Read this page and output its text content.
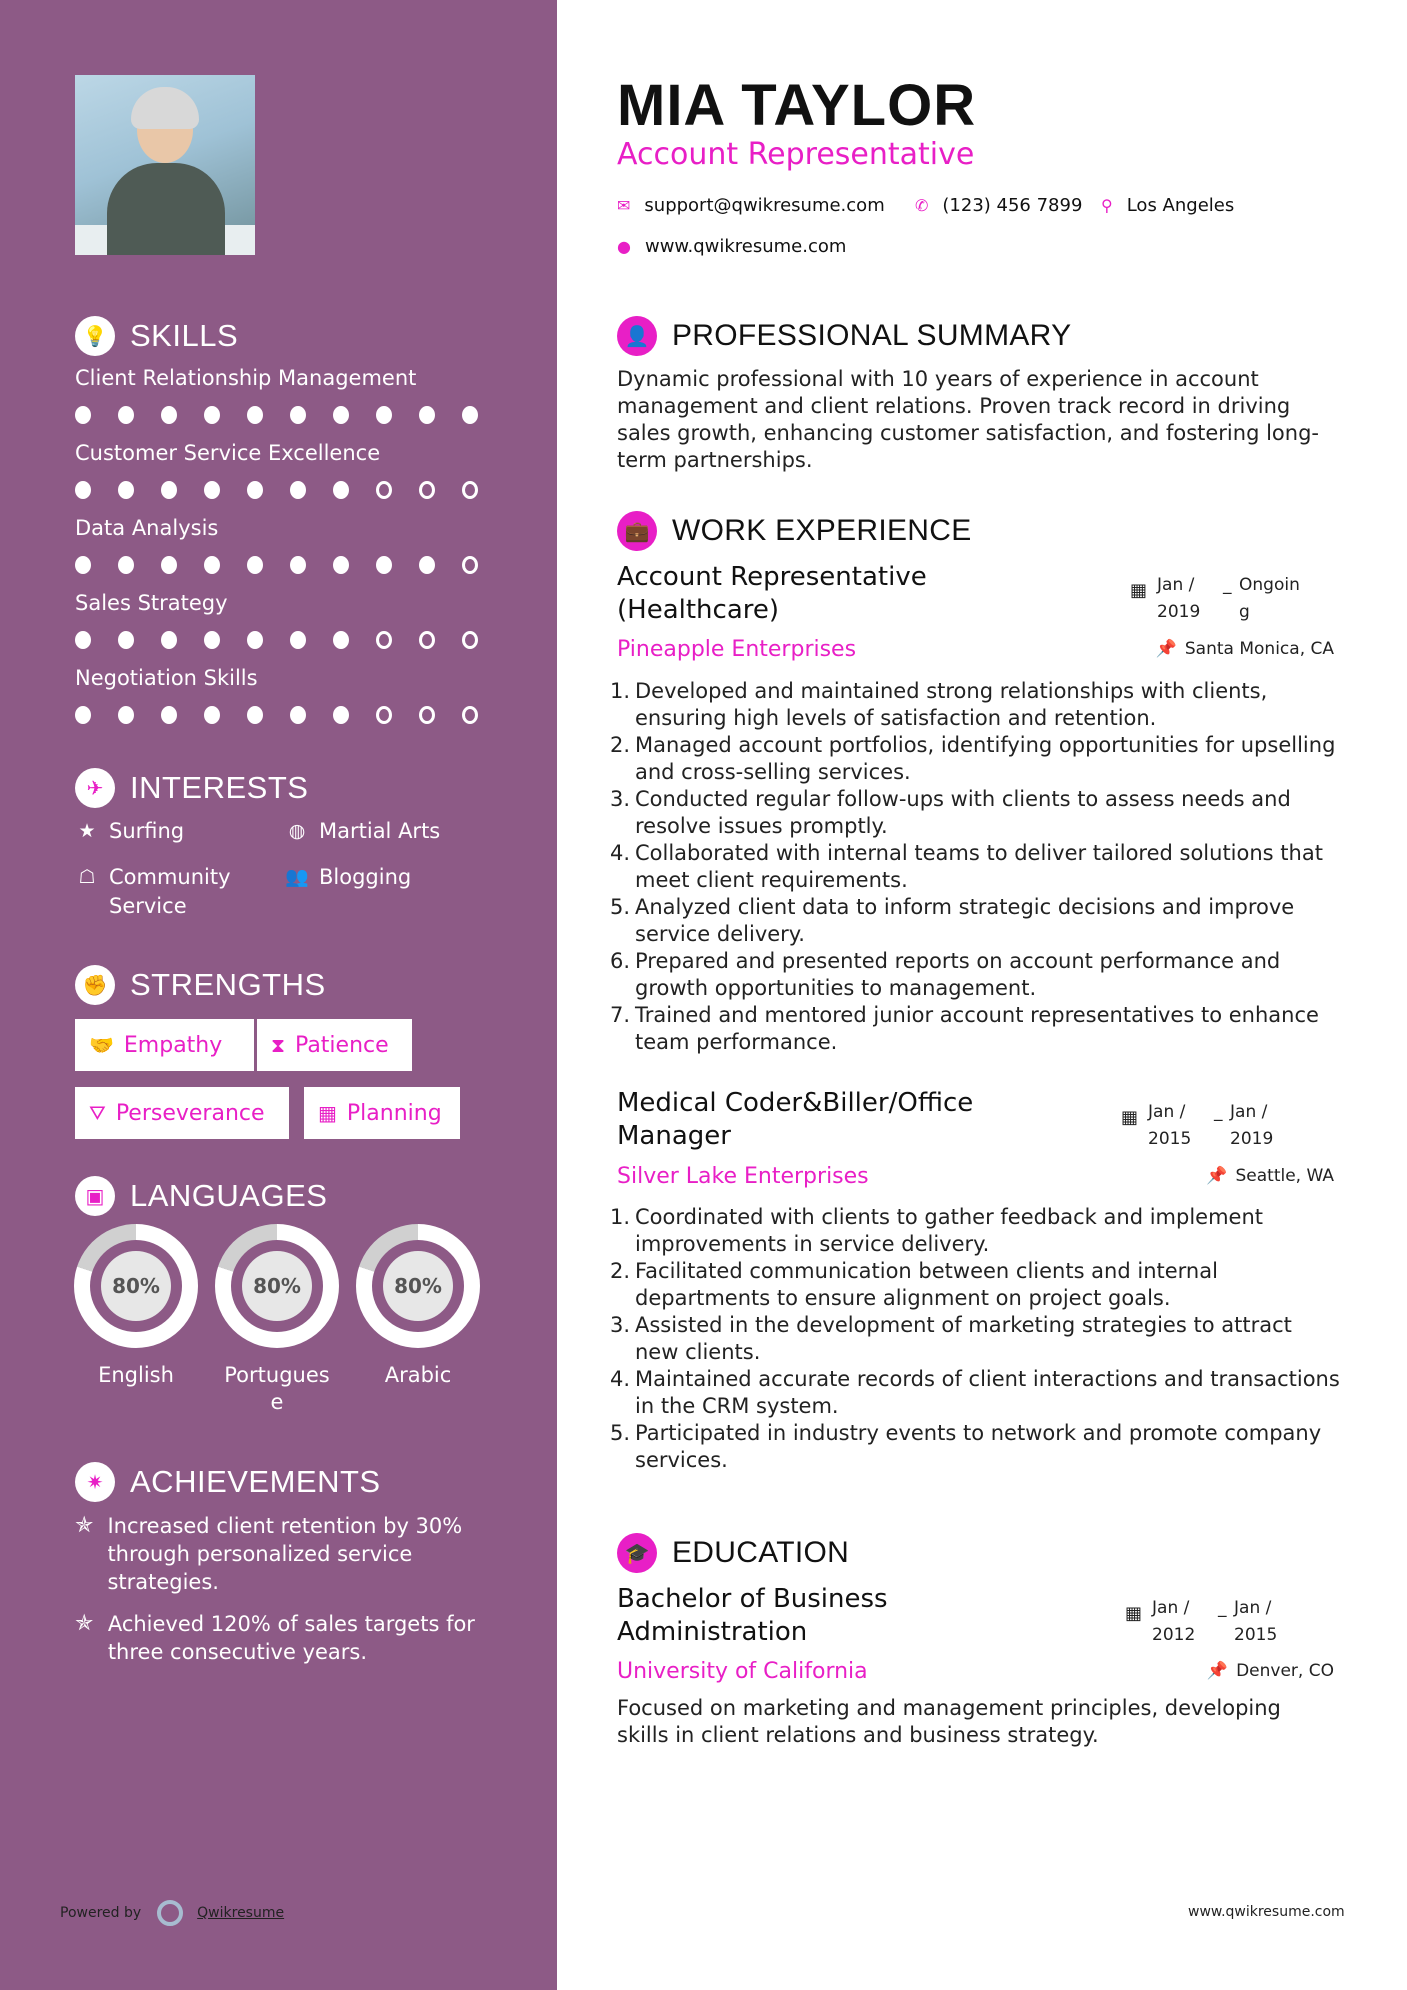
💡 SKILLS
Client Relationship Management
Customer Service Excellence
Data Analysis
Sales Strategy
Negotiation Skills
✈ INTERESTS
★ Surfing	◍ Martial Arts
☖ Community
Service
👥 Blogging
✊ STRENGTHS
🤝 Empathy ⧗ Patience
⛛ Perseverance	▦ Planning
▣ LANGUAGES
80%
English

80%
Portugues
e
80%
Arabic

✷ ACHIEVEMENTS
✯ Increased client retention by 30% through personalized service strategies.
✯ Achieved 120% of sales targets for three consecutive years.
Powered by	Qwikresume
MIA TAYLOR
Account Representative
✉ support@qwikresume.com ✆ (123) 456 7899 ⚲ Los Angeles
● www.qwikresume.com
👤 PROFESSIONAL SUMMARY
Dynamic professional with 10 years of experience in account management and client relations. Proven track record in driving sales growth, enhancing customer satisfaction, and fostering long-term partnerships.
💼 WORK EXPERIENCE
Account Representative (Healthcare)
▦ Jan /
2019
_ Ongoin
g
Pineapple Enterprises	📌 Santa Monica, CA
1. Developed and maintained strong relationships with clients, ensuring high levels of satisfaction and retention.
2. Managed account portfolios, identifying opportunities for upselling and cross-selling services.
3. Conducted regular follow-ups with clients to assess needs and resolve issues promptly.
4. Collaborated with internal teams to deliver tailored solutions that meet client requirements.
5. Analyzed client data to inform strategic decisions and improve service delivery.
6. Prepared and presented reports on account performance and growth opportunities to management.
7. Trained and mentored junior account representatives to enhance team performance.
Medical Coder&Biller/Office Manager
▦ Jan /
2015
_ Jan /
2019
Silver Lake Enterprises	📌 Seattle, WA
1. Coordinated with clients to gather feedback and implement improvements in service delivery.
2. Facilitated communication between clients and internal departments to ensure alignment on project goals.
3. Assisted in the development of marketing strategies to attract new clients.
4. Maintained accurate records of client interactions and transactions in the CRM system.
5. Participated in industry events to network and promote company services.
🎓 EDUCATION
Bachelor of Business Administration
▦ Jan /
2012
_ Jan /
2015
University of California	📌 Denver, CO
Focused on marketing and management principles, developing skills in client relations and business strategy.
www.qwikresume.com
